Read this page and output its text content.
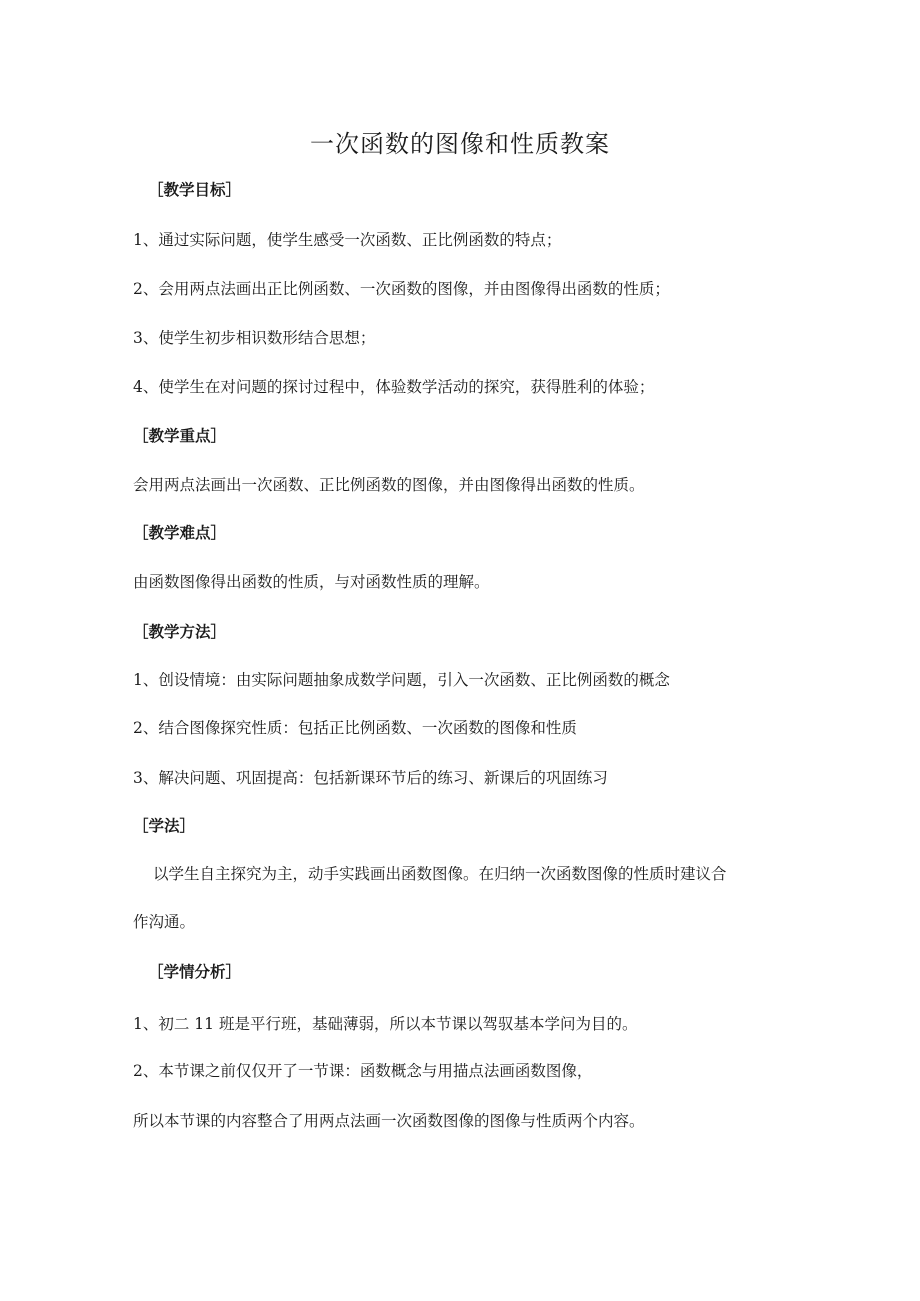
一次函数的图像和性质教案

［教学目标］

1、通过实际问题，使学生感受一次函数、正比例函数的特点；

2、会用两点法画出正比例函数、一次函数的图像，并由图像得出函数的性质；

3、使学生初步相识数形结合思想；

4、使学生在对问题的探讨过程中，体验数学活动的探究，获得胜利的体验；

［教学重点］

会用两点法画出一次函数、正比例函数的图像，并由图像得出函数的性质。

［教学难点］

由函数图像得出函数的性质，与对函数性质的理解。

［教学方法］

1、创设情境：由实际问题抽象成数学问题，引入一次函数、正比例函数的概念

2、结合图像探究性质：包括正比例函数、一次函数的图像和性质

3、解决问题、巩固提高：包括新课环节后的练习、新课后的巩固练习

［学法］

以学生自主探究为主，动手实践画出函数图像。在归纳一次函数图像的性质时建议合

作沟通。

［学情分析］

1、初二 11 班是平行班，基础薄弱，所以本节课以驾驭基本学问为目的。

2、本节课之前仅仅开了一节课：函数概念与用描点法画函数图像，

所以本节课的内容整合了用两点法画一次函数图像的图像与性质两个内容。
